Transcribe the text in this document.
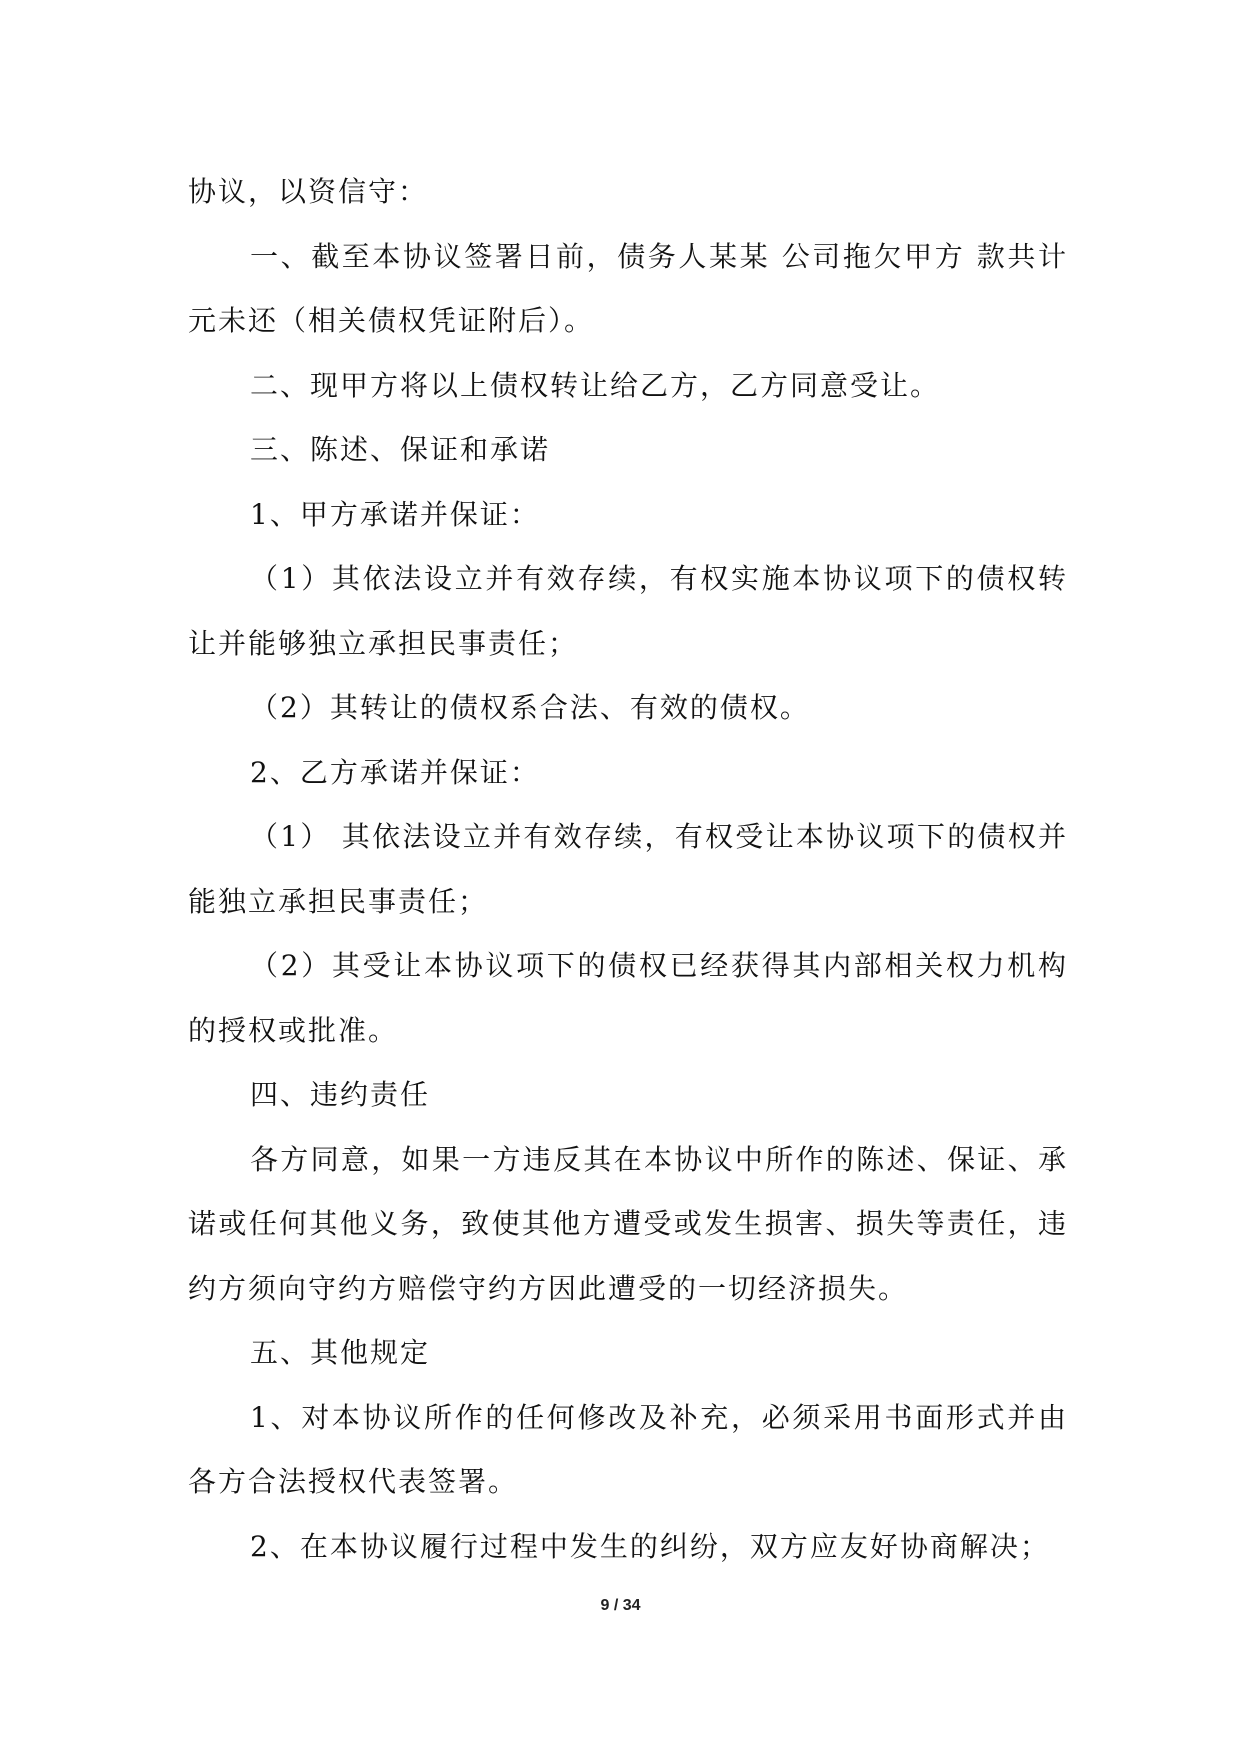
协议，以资信守：

一、截至本协议签署日前，债务人某某 公司拖欠甲方 款共计 元未还（相关债权凭证附后）。

二、现甲方将以上债权转让给乙方，乙方同意受让。

三、陈述、保证和承诺

1、甲方承诺并保证：

（1）其依法设立并有效存续，有权实施本协议项下的债权转让并能够独立承担民事责任；

（2）其转让的债权系合法、有效的债权。

2、乙方承诺并保证：

（1） 其依法设立并有效存续，有权受让本协议项下的债权并能独立承担民事责任；

（2）其受让本协议项下的债权已经获得其内部相关权力机构的授权或批准。

四、违约责任

各方同意，如果一方违反其在本协议中所作的陈述、保证、承诺或任何其他义务，致使其他方遭受或发生损害、损失等责任，违约方须向守约方赔偿守约方因此遭受的一切经济损失。

五、其他规定

1、对本协议所作的任何修改及补充，必须采用书面形式并由各方合法授权代表签署。

2、在本协议履行过程中发生的纠纷，双方应友好协商解决；

9 / 34
